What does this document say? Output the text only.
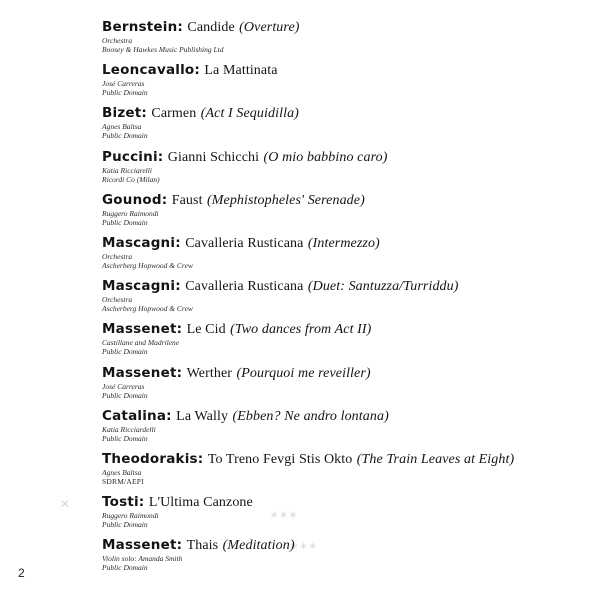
✕
∗∗∗
∗∗∗
Bernstein: Candide (Overture)
Orchestra
Boosey & Hawkes Music Publishing Ltd
Leoncavallo: La Mattinata
José Carreras
Public Domain
Bizet: Carmen (Act I Sequidilla)
Agnes Baltsa
Public Domain
Puccini: Gianni Schicchi (O mio babbino caro)
Katia Ricciarelli
Ricordi Co (Milan)
Gounod: Faust (Mephistopheles' Serenade)
Ruggero Raimondi
Public Domain
Mascagni: Cavalleria Rusticana (Intermezzo)
Orchestra
Ascherberg Hopwood & Crew
Mascagni: Cavalleria Rusticana (Duet: Santuzza/Turriddu)
Orchestra
Ascherberg Hopwood & Crew
Massenet: Le Cid (Two dances from Act II)
Castillane and Madrilene
Public Domain
Massenet: Werther (Pourquoi me reveiller)
José Carreras
Public Domain
Catalina: La Wally (Ebben? Ne andro lontana)
Katia Ricciardelli
Public Domain
Theodorakis: To Treno Fevgi Stis Okto (The Train Leaves at Eight)
Agnes Baltsa
SDRM/AEPI
Tosti: L'Ultima Canzone
Ruggero Raimondi
Public Domain
Massenet: Thais (Meditation)
Violin solo: Amanda Smith
Public Domain
2
